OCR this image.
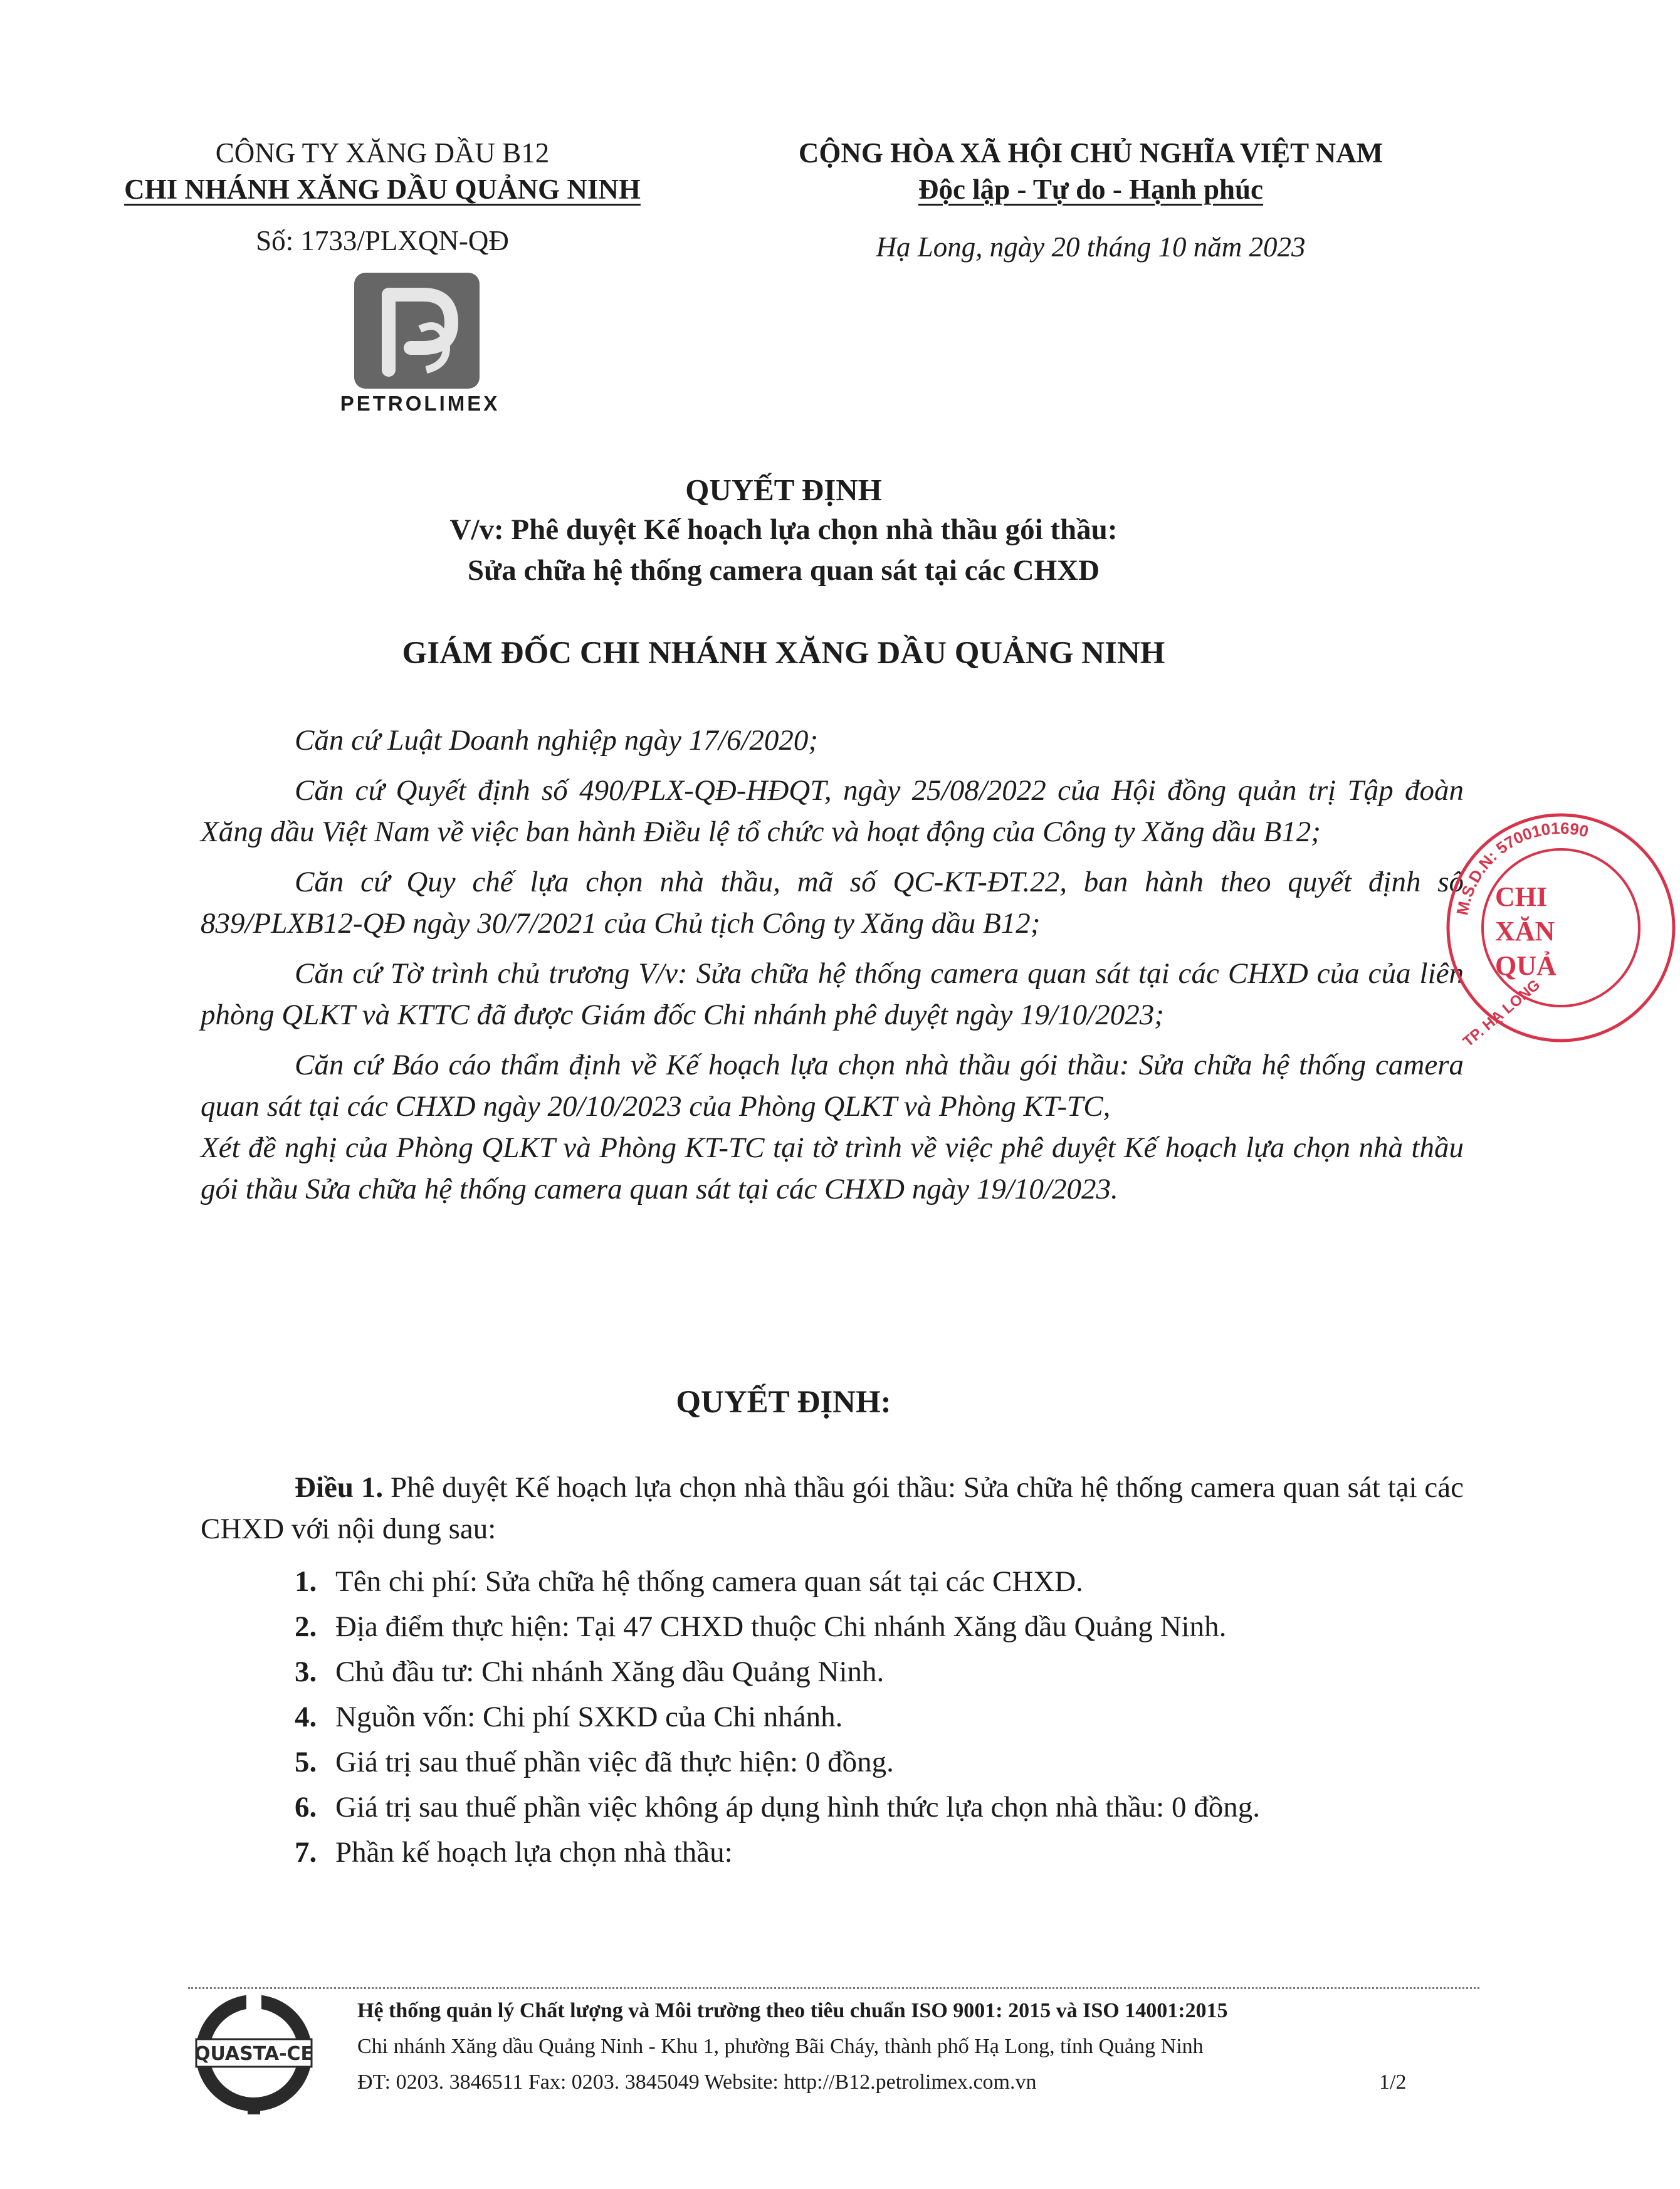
CÔNG TY XĂNG DẦU B12
CHI NHÁNH XĂNG DẦU QUẢNG NINH
Số: 1733/PLXQN-QĐ
PETROLIMEX
CỘNG HÒA XÃ HỘI CHỦ NGHĨA VIỆT NAM
Độc lập - Tự do - Hạnh phúc
Hạ Long, ngày 20 tháng 10 năm 2023
QUYẾT ĐỊNH
V/v: Phê duyệt Kế hoạch lựa chọn nhà thầu gói thầu:
Sửa chữa hệ thống camera quan sát tại các CHXD
GIÁM ĐỐC CHI NHÁNH XĂNG DẦU QUẢNG NINH

Căn cứ Luật Doanh nghiệp ngày 17/6/2020;

Căn cứ Quyết định số 490/PLX-QĐ-HĐQT, ngày 25/08/2022 của Hội đồng quản trị Tập đoàn Xăng dầu Việt Nam về việc ban hành Điều lệ tổ chức và hoạt động của Công ty Xăng dầu B12;

Căn cứ Quy chế lựa chọn nhà thầu, mã số QC-KT-ĐT.22, ban hành theo quyết định số 839/PLXB12-QĐ ngày 30/7/2021 của Chủ tịch Công ty Xăng dầu B12;

Căn cứ Tờ trình chủ trương V/v: Sửa chữa hệ thống camera quan sát tại các CHXD của của liên phòng QLKT và KTTC đã được Giám đốc Chi nhánh phê duyệt ngày 19/10/2023;

Căn cứ Báo cáo thẩm định về Kế hoạch lựa chọn nhà thầu gói thầu: Sửa chữa hệ thống camera quan sát tại các CHXD ngày 20/10/2023 của Phòng QLKT và Phòng KT-TC,

Xét đề nghị của Phòng QLKT và Phòng KT-TC tại tờ trình về việc phê duyệt Kế hoạch lựa chọn nhà thầu gói thầu Sửa chữa hệ thống camera quan sát tại các CHXD ngày 19/10/2023.

QUYẾT ĐỊNH:
Điều 1. Phê duyệt Kế hoạch lựa chọn nhà thầu gói thầu: Sửa chữa hệ thống camera quan sát tại các CHXD với nội dung sau:
1. Tên chi phí: Sửa chữa hệ thống camera quan sát tại các CHXD.
2. Địa điểm thực hiện: Tại 47 CHXD thuộc Chi nhánh Xăng dầu Quảng Ninh.
3. Chủ đầu tư: Chi nhánh Xăng dầu Quảng Ninh.
4. Nguồn vốn: Chi phí SXKD của Chi nhánh.
5. Giá trị sau thuế phần việc đã thực hiện: 0 đồng.
6. Giá trị sau thuế phần việc không áp dụng hình thức lựa chọn nhà thầu: 0 đồng.
7. Phần kế hoạch lựa chọn nhà thầu:
M.S.D.N: 5700101690
CHI
XĂN
QUẢ
TP. HẠ LONG
QUASTA-CE
Hệ thống quản lý Chất lượng và Môi trường theo tiêu chuẩn ISO 9001: 2015 và ISO 14001:2015
Chi nhánh Xăng dầu Quảng Ninh - Khu 1, phường Bãi Cháy, thành phố Hạ Long, tỉnh Quảng Ninh
ĐT: 0203. 3846511 Fax: 0203. 3845049 Website: http://B12.petrolimex.com.vn	1/2
